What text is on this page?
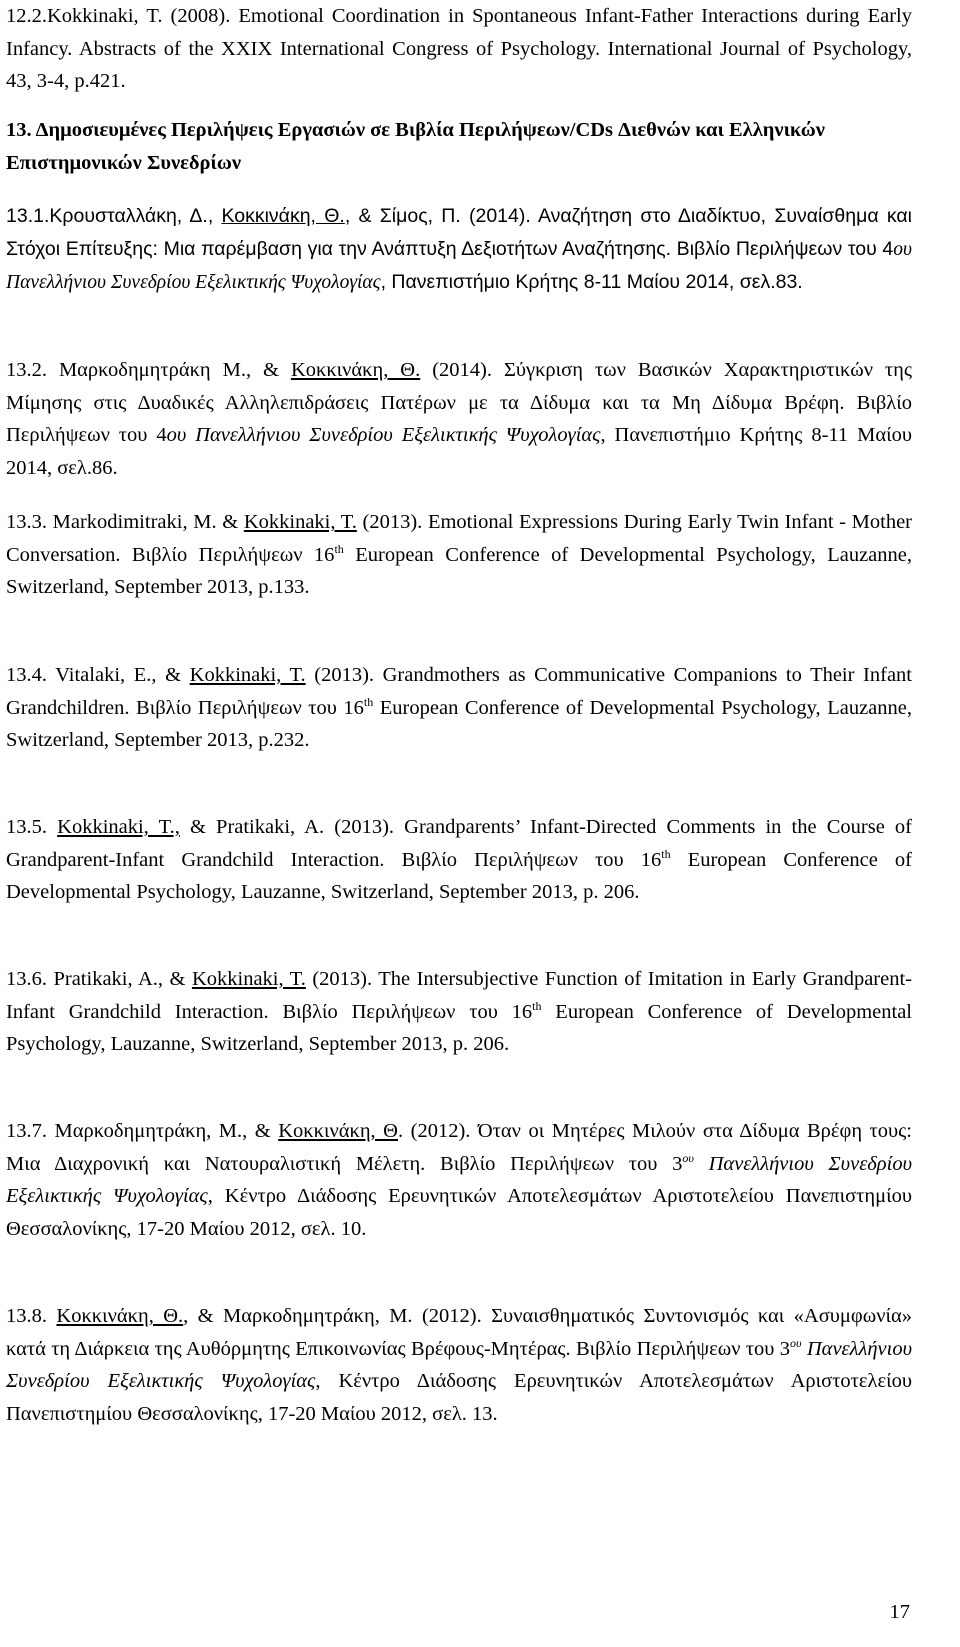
12.2.Kokkinaki, T. (2008). Emotional Coordination in Spontaneous Infant-Father Interactions during Early Infancy. Abstracts of the XXIX International Congress of Psychology. International Journal of Psychology, 43, 3-4, p.421.

13. Δημοσιευμένες Περιλήψεις Εργασιών σε Βιβλία Περιλήψεων/CDs Διεθνών και Ελληνικών Επιστημονικών Συνεδρίων

13.1.Κρουσταλλάκη, Δ., Κοκκινάκη, Θ., & Σίμος, Π. (2014). Αναζήτηση στο Διαδίκτυο, Συναίσθημα και Στόχοι Επίτευξης: Μια παρέμβαση για την Ανάπτυξη Δεξιοτήτων Αναζήτησης. Βιβλίο Περιλήψεων του 4ου Πανελλήνιου Συνεδρίου Εξελικτικής Ψυχολογίας, Πανεπιστήμιο Κρήτης 8-11 Μαίου 2014, σελ.83.

13.2. Μαρκοδημητράκη Μ., & Κοκκινάκη, Θ. (2014). Σύγκριση των Βασικών Χαρακτηριστικών της Μίμησης στις Δυαδικές Αλληλεπιδράσεις Πατέρων με τα Δίδυμα και τα Μη Δίδυμα Βρέφη. Βιβλίο Περιλήψεων του 4ου Πανελλήνιου Συνεδρίου Εξελικτικής Ψυχολογίας, Πανεπιστήμιο Κρήτης 8-11 Μαίου 2014, σελ.86.

13.3. Markodimitraki, M. & Kokkinaki, T. (2013). Emotional Expressions During Early Twin Infant - Mother Conversation. Βιβλίο Περιλήψεων 16th European Conference of Developmental Psychology, Lauzanne, Switzerland, September 2013, p.133.

13.4. Vitalaki, E., & Kokkinaki, T. (2013). Grandmothers as Communicative Companions to Their Infant Grandchildren. Βιβλίο Περιλήψεων του 16th European Conference of Developmental Psychology, Lauzanne, Switzerland, September 2013, p.232.

13.5. Kokkinaki, T., & Pratikaki, A. (2013). Grandparents’ Infant-Directed Comments in the Course of Grandparent-Infant Grandchild Interaction. Βιβλίο Περιλήψεων του 16th European Conference of Developmental Psychology, Lauzanne, Switzerland, September 2013, p. 206.

13.6. Pratikaki, A., & Kokkinaki, T. (2013). The Intersubjective Function of Imitation in Early Grandparent-Infant Grandchild Interaction. Βιβλίο Περιλήψεων του 16th European Conference of Developmental Psychology, Lauzanne, Switzerland, September 2013, p. 206.

13.7. Μαρκοδημητράκη, Μ., & Κοκκινάκη, Θ. (2012). Όταν οι Μητέρες Μιλούν στα Δίδυμα Βρέφη τους: Μια Διαχρονική και Νατουραλιστική Μέλετη. Βιβλίο Περιλήψεων του $3^{o\upsilon}$ Πανελλήνιου Συνεδρίου Εξελικτικής Ψυχολογίας, Κέντρο Διάδοσης Ερευνητικών Αποτελεσμάτων Αριστοτελείου Πανεπιστημίου Θεσσαλονίκης, 17-20 Μαίου 2012, σελ. 10.

13.8. Κοκκινάκη, Θ., & Μαρκοδημητράκη, Μ. (2012). Συναισθηματικός Συντονισμός και «Ασυμφωνία» κατά τη Διάρκεια της Αυθόρμητης Επικοινωνίας Βρέφους-Μητέρας. Βιβλίο Περιλήψεων του $3^{o\upsilon}$ Πανελλήνιου Συνεδρίου Εξελικτικής Ψυχολογίας, Κέντρο Διάδοσης Ερευνητικών Αποτελεσμάτων Αριστοτελείου Πανεπιστημίου Θεσσαλονίκης, 17-20 Μαίου 2012, σελ. 13.

17
